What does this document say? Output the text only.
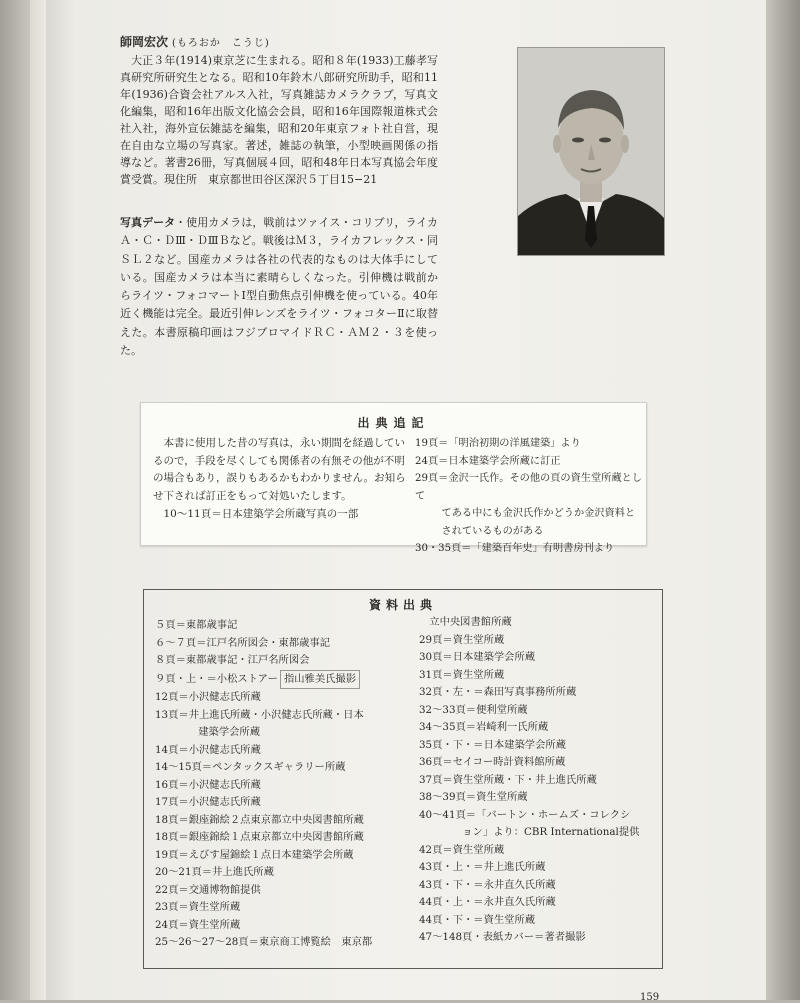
師岡宏次 (もろおか　こうじ)
大正３年(1914)東京芝に生まれる。昭和８年(1933)工藤孝写真研究所研究生となる。昭和10年鈴木八郎研究所助手，昭和11年(1936)合資会社アルス入社，写真雑誌カメラクラブ，写真文化編集，昭和16年出版文化協会会員，昭和16年国際報道株式会社入社，海外宣伝雑誌を編集，昭和20年東京フォト社自営，現在自由な立場の写真家。著述，雑誌の執筆，小型映画関係の指導など。著書26冊，写真個展４回，昭和48年日本写真協会年度賞受賞。現住所　東京都世田谷区深沢５丁目15−21
写真データ・使用カメラは，戦前はツァイス・コリブリ，ライカＡ・Ｃ・ＤⅢ・ＤⅢＢなど。戦後はＭ３，ライカフレックス・同ＳＬ２など。国産カメラは各社の代表的なものは大体手にしている。国産カメラは本当に素晴らしくなった。引伸機は戦前からライツ・フォコマートⅠ型自動焦点引伸機を使っている。40年近く機能は完全。最近引伸レンズをライツ・フォコターⅡに取替えた。本書原稿印画はフジブロマイドＲＣ・ＡＭ２・３を使った。
出典追記
本書に使用した昔の写真は，永い期間を経過しているので，手段を尽くしても関係者の有無その他が不明の場合もあり，誤りもあるかもわかりません。お知らせ下されば訂正をもって対処いたします。
10〜11頁＝日本建築学会所蔵写真の一部
19頁＝「明治初期の洋風建築」より
24頁＝日本建築学会所蔵に訂正
29頁＝金沢一氏作。その他の頁の資生堂所蔵として
てある中にも金沢氏作かどうか金沢資料と
されているものがある
30・35頁＝「建築百年史」有明書房刊より
資料出典
５頁＝東都歳事記
６〜７頁＝江戸名所図会・東都歳事記
８頁＝東都歳事記・江戸名所図会
９頁・上・＝小松ストアー 指山雅美氏撮影
12頁＝小沢健志氏所蔵
13頁＝井上進氏所蔵・小沢健志氏所蔵・日本
建築学会所蔵
14頁＝小沢健志氏所蔵
14〜15頁＝ペンタックスギャラリー所蔵
16頁＝小沢健志氏所蔵
17頁＝小沢健志氏所蔵
18頁＝銀座錦絵２点東京都立中央図書館所蔵
18頁＝銀座錦絵１点東京都立中央図書館所蔵
19頁＝えびす屋錦絵１点日本建築学会所蔵
20〜21頁＝井上進氏所蔵
22頁＝交通博物館提供
23頁＝資生堂所蔵
24頁＝資生堂所蔵
25〜26〜27〜28頁＝東京商工博覧絵　東京都
立中央図書館所蔵
29頁＝資生堂所蔵
30頁＝日本建築学会所蔵
31頁＝資生堂所蔵
32頁・左・＝森田写真事務所所蔵
32〜33頁＝便利堂所蔵
34〜35頁＝岩崎利一氏所蔵
35頁・下・＝日本建築学会所蔵
36頁＝セイコー時計資料館所蔵
37頁＝資生堂所蔵・下・井上進氏所蔵
38〜39頁＝資生堂所蔵
40〜41頁＝「バートン・ホームズ・コレクシ
ョン」より：CBR International提供
42頁＝資生堂所蔵
43頁・上・＝井上進氏所蔵
43頁・下・＝永井直久氏所蔵
44頁・上・＝永井直久氏所蔵
44頁・下・＝資生堂所蔵
47〜148頁・表紙カバー＝著者撮影
159
